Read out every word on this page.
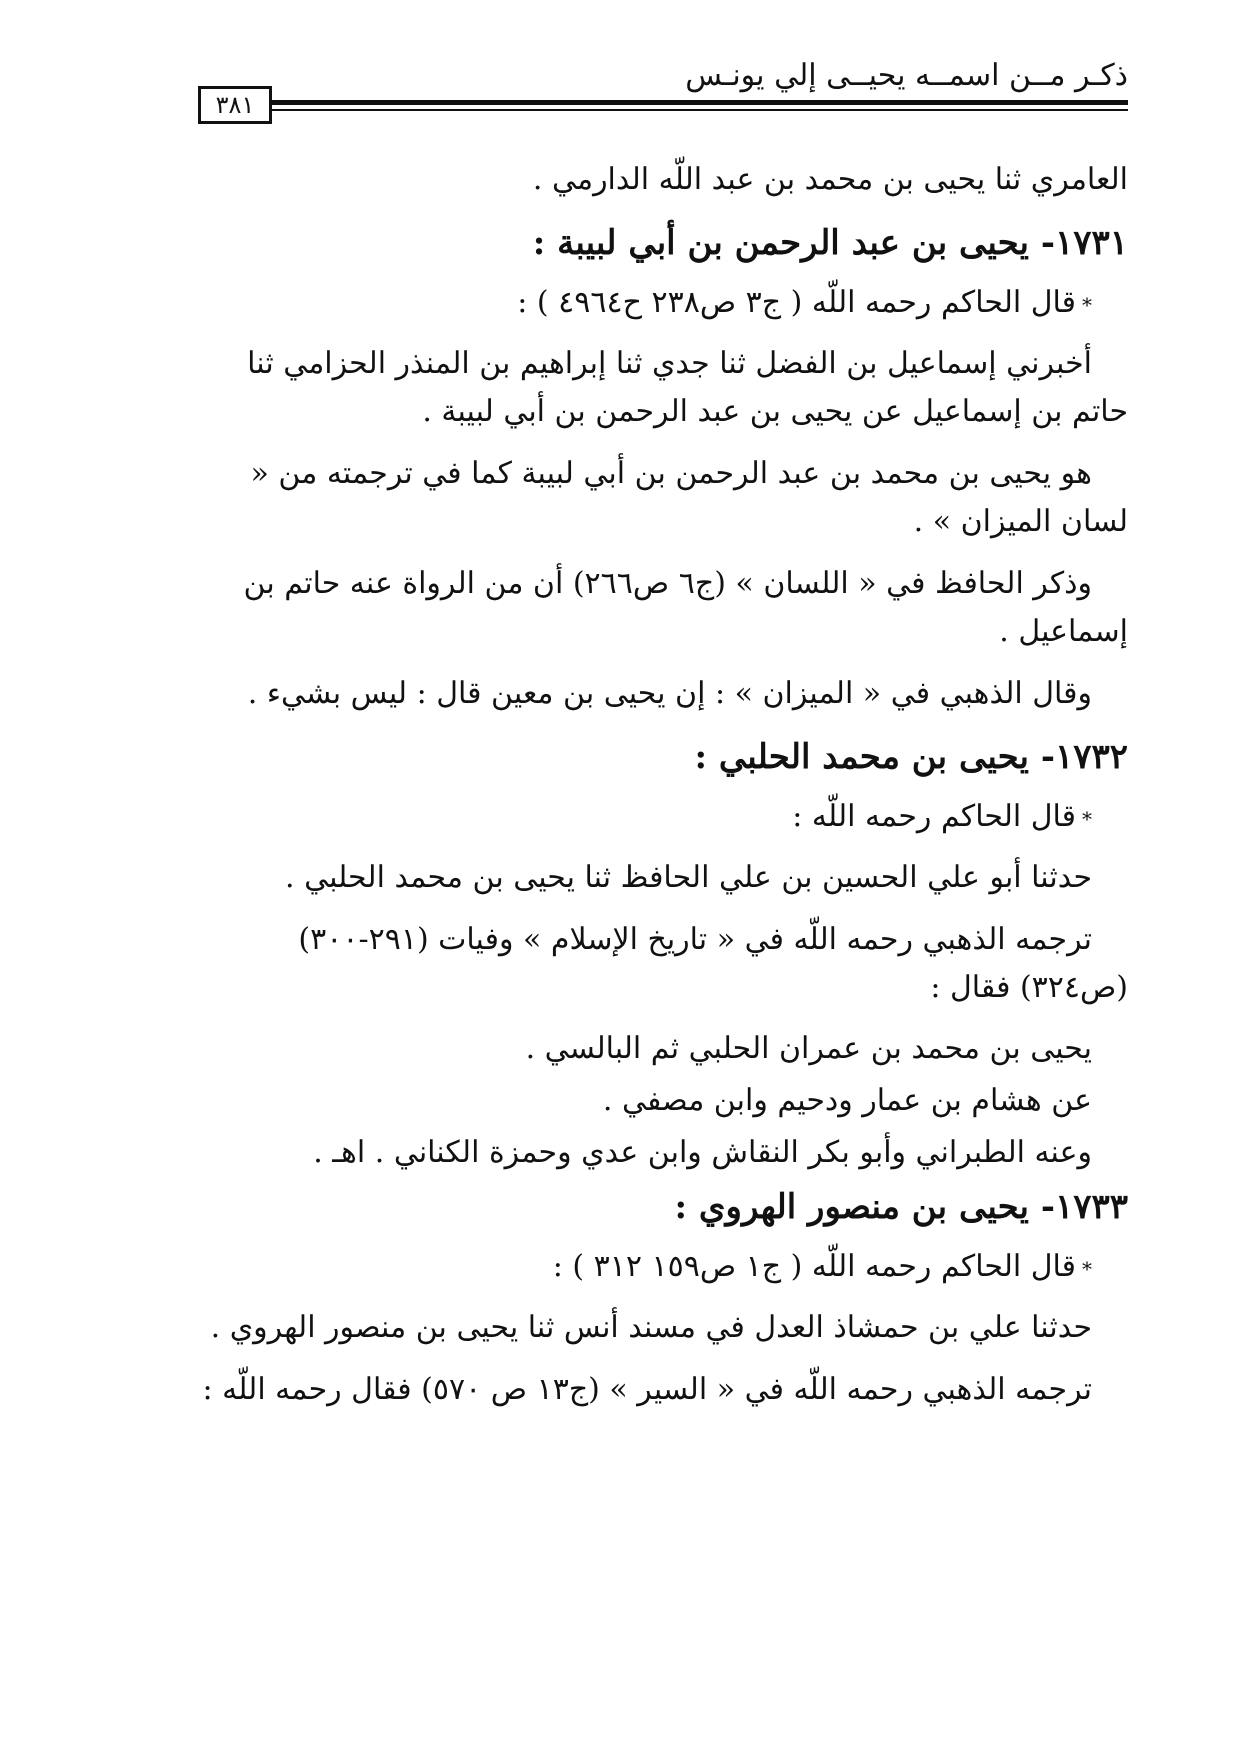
ذكـر مــن اسمــه يحيــى إلي يونـس
٣٨١
العامري ثنا يحيى بن محمد بن عبد اللّه الدارمي .
١٧٣١- يحيى بن عبد الرحمن بن أبي لبيبة :
*قال الحاكم رحمه اللّه ( ج٣ ص٢٣٨ ح٤٩٦٤ ) :
أخبرني إسماعيل بن الفضل ثنا جدي ثنا إبراهيم بن المنذر الحزامي ثنا حاتم بن إسماعيل عن يحيى بن عبد الرحمن بن أبي لبيبة .
هو يحيى بن محمد بن عبد الرحمن بن أبي لبيبة كما في ترجمته من « لسان الميزان » .
وذكر الحافظ في « اللسان » (ج٦ ص٢٦٦) أن من الرواة عنه حاتم بن إسماعيل .
وقال الذهبي في « الميزان » : إن يحيى بن معين قال : ليس بشيء .
١٧٣٢- يحيى بن محمد الحلبي :
*قال الحاكم رحمه اللّه :
حدثنا أبو علي الحسين بن علي الحافظ ثنا يحيى بن محمد الحلبي .
ترجمه الذهبي رحمه اللّه في « تاريخ الإسلام » وفيات (٢٩١-٣٠٠) (ص٣٢٤) فقال :
يحيى بن محمد بن عمران الحلبي ثم البالسي .
عن هشام بن عمار ودحيم وابن مصفي .
وعنه الطبراني وأبو بكر النقاش وابن عدي وحمزة الكناني . اهـ .
١٧٣٣- يحيى بن منصور الهروي :
*قال الحاكم رحمه اللّه ( ج١ ص١٥٩ ٣١٢ ) :
حدثنا علي بن حمشاذ العدل في مسند أنس ثنا يحيى بن منصور الهروي .
ترجمه الذهبي رحمه اللّه في « السير » (ج١٣ ص ٥٧٠) فقال رحمه اللّه :
